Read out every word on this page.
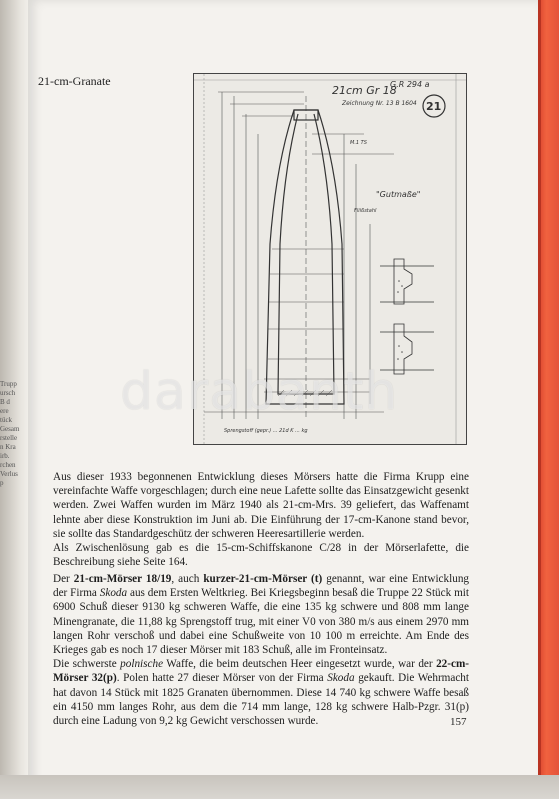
Trupp
ursch
B d
ere
tück
Gesam
rstelle
n Kra
irb.
rchen
Verlus
p
21-cm-Granate
21cm Gr 18
G.R 294 a
Zeichnung Nr. 13 B 1604 21
M.1 TS
"Gutmaße"
Fliißstahl
Sprengstoff (gepr.) ... 21d K ... kg
darabanth

Aus dieser 1933 begonnenen Entwicklung dieses Mörsers hatte die Firma Krupp eine vereinfachte Waffe vorgeschlagen; durch eine neue Lafette sollte das Einsatzgewicht gesenkt werden. Zwei Waffen wurden im März 1940 als 21-cm-Mrs. 39 geliefert, das Waffenamt lehnte aber diese Konstruktion im Juni ab. Die Einführung der 17-cm-Kanone stand bevor, sie sollte das Standardgeschütz der schweren Heeresartillerie werden.

Als Zwischenlösung gab es die 15-cm-Schiffskanone C/28 in der Mörserlafette, die Beschreibung siehe Seite 164.

Der 21-cm-Mörser 18/19, auch kurzer-21-cm-Mörser (t) genannt, war eine Entwicklung der Firma Skoda aus dem Ersten Weltkrieg. Bei Kriegsbeginn besaß die Truppe 22 Stück mit 6900 Schuß dieser 9130 kg schweren Waffe, die eine 135 kg schwere und 808 mm lange Minengranate, die 11,88 kg Sprengstoff trug, mit einer V0 von 380 m/s aus einem 2970 mm langen Rohr verschoß und dabei eine Schußweite von 10 100 m erreichte. Am Ende des Krieges gab es noch 17 dieser Mörser mit 183 Schuß, alle im Fronteinsatz.

Die schwerste polnische Waffe, die beim deutschen Heer eingesetzt wurde, war der 22-cm-Mörser 32(p). Polen hatte 27 dieser Mörser von der Firma Skoda gekauft. Die Wehrmacht hat davon 14 Stück mit 1825 Granaten übernommen. Diese 14 740 kg schwere Waffe besaß ein 4150 mm langes Rohr, aus dem die 714 mm lange, 128 kg schwere Halb-Pzgr. 31(p) durch eine Ladung von 9,2 kg Gewicht verschossen wurde.	157
